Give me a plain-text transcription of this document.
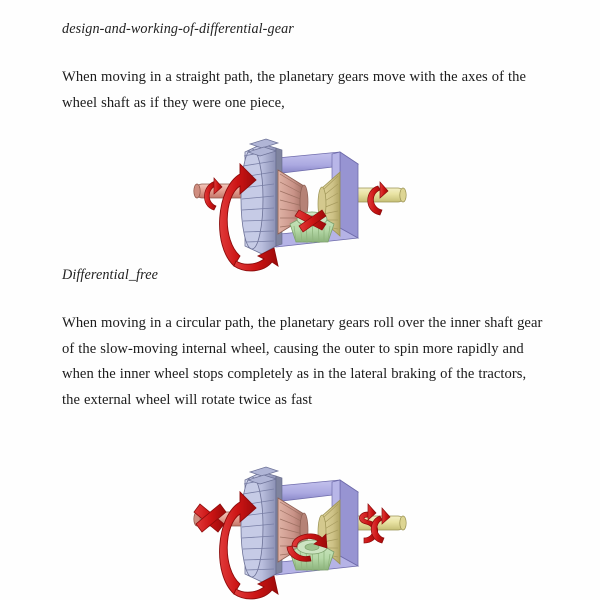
design-and-working-of-differential-gear
When moving in a straight path, the planetary gears move with the axes of the wheel shaft as if they were one piece,
Differential_free
When moving in a circular path, the planetary gears roll over the inner shaft gear of the slow-moving internal wheel, causing the outer to spin more rapidly and when the inner wheel stops completely as in the lateral braking of the tractors, the external wheel will rotate twice as fast
